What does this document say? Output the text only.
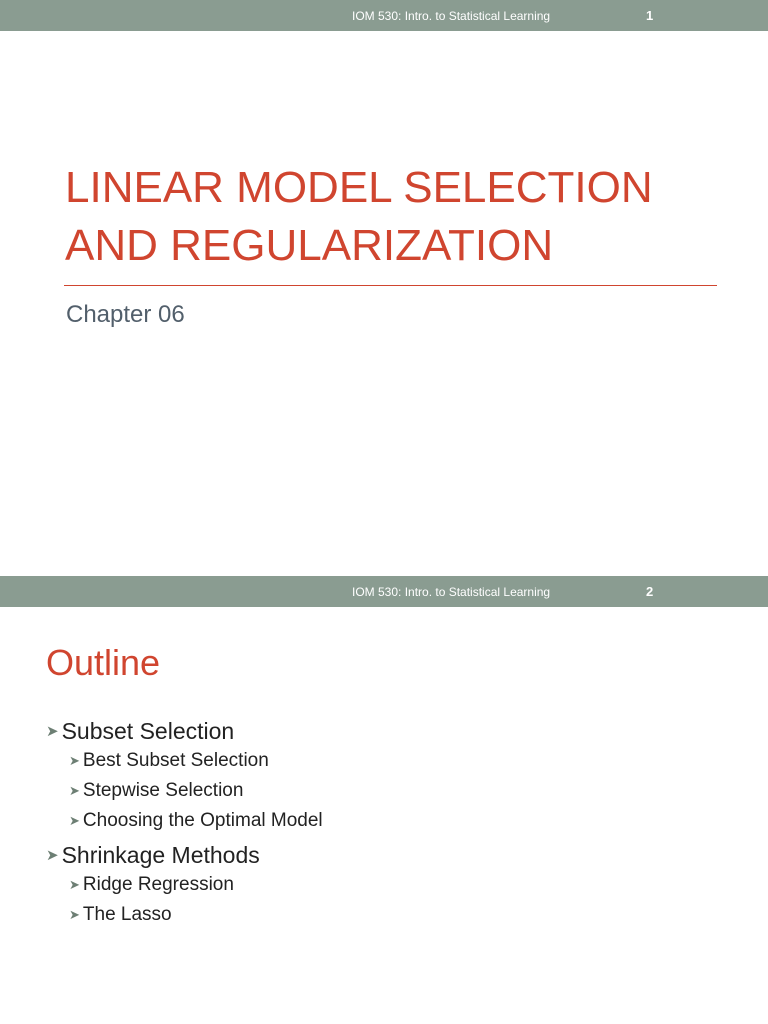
IOM 530: Intro. to Statistical Learning	1
LINEAR MODEL SELECTION
AND REGULARIZATION
Chapter 06
IOM 530: Intro. to Statistical Learning	2
Outline
➤ Subset Selection
➤ Best Subset Selection
➤ Stepwise Selection
➤ Choosing the Optimal Model
➤ Shrinkage Methods
➤ Ridge Regression
➤ The Lasso
